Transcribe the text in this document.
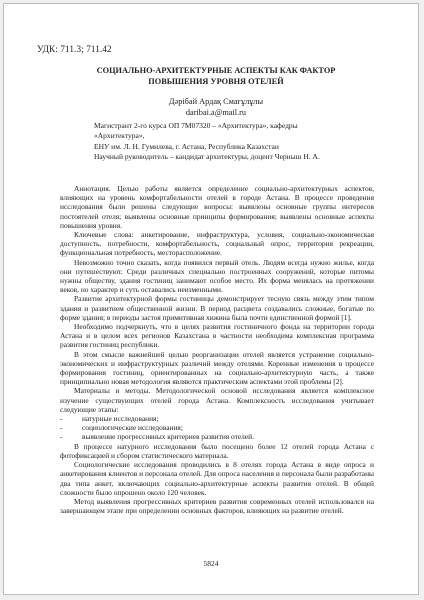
УДК: 711.3; 711.42
СОЦИАЛЬНО-АРХИТЕКТУРНЫЕ АСПЕКТЫ КАК ФАКТОР
ПОВЫШЕНИЯ УРОВНЯ ОТЕЛЕЙ
Дәрібай Ардақ Смағұлұлы
daribai.a@mail.ru
Магистрант 2-го курса ОП 7М07320 – «Архитектура», кафедры «Архитектура»,
ЕНУ им. Л. Н. Гумилева, г. Астана, Республика Казахстан
Научный руководитель – кандидат архитектуры, доцент Черныш Н. А.

Аннотация. Целью работы является определение социально-архитектурных аспектов, влияющих на уровень комфортабельности отелей в городе Астана. В процессе проведения исследования были решены следующие вопросы: выявлены основные группы интересов постоятелей отеля; выявлены основные принципы формирования; выявлены основные аспекты повышения уровня.

Ключевые слова: анкетирование, инфраструктура, условия, социально-экономическая доступность, потребности, комфортабельность, социальный опрос, территория рекреации, функциональная потребность, месторасположение.

Невозможно точно сказать, когда появился первый отель. Людям всегда нужно жилье, когда они путешествуют. Среди различных специально построенных сооружений, которые питомы нужны обществу, здания гостиниц занимают особое место. Их форма менялась на протяжении веков, но характер и суть оставались неизменными.

Развитие архитектурной формы гостиницы демонстрирует тесную связь между этим типом здания и развитием общественной жизни. В период расцвета создавались сложные, богатые по форме здания; в периоды застоя примитивная хижина была почти единственной формой [1].

Необходимо подчеркнуть, что в целях развития гостиничного фонда на территории города Астана и в целом всех регионов Казахстана в частности необходима комплексная программа развития гостиниц республики.

В этом смысле важнейшей целью реорганизации отелей является устранение социально-экономических и инфраструктурных различий между отелями. Коренные изменения в процессе формирования гостиниц, ориентированных на социально-архитектурную часть, а также принципиально новая методология являются практическим аспектами этой проблемы [2].

Материалы и методы. Методологической основой исследования является комплексное изучение существующих отелей города Астана. Комплексность исследования учитывает следующие этапы:

-	натурные исследования;

-	социологические исследования;

-	выявление прогрессивных критериев развития отелей.

В процессе натурного исследования было посещено более 12 отелей города Астана с фотофиксацией и сбором статистического материала.

Социологические исследования проводились в 8 отелях города Астана в виде опроса и анкетирования клиентов и персонала отелей. Для опроса населения и персонала были разработаны два типа анкет, включающих социально-архитектурные аспекты развития отелей. В общей сложности было опрошено около 120 человек.

Метод выявления прогрессивных критериев развития современных отелей использовался на завершающем этапе при определении основных факторов, влияющих на развитие отелей.

5824
